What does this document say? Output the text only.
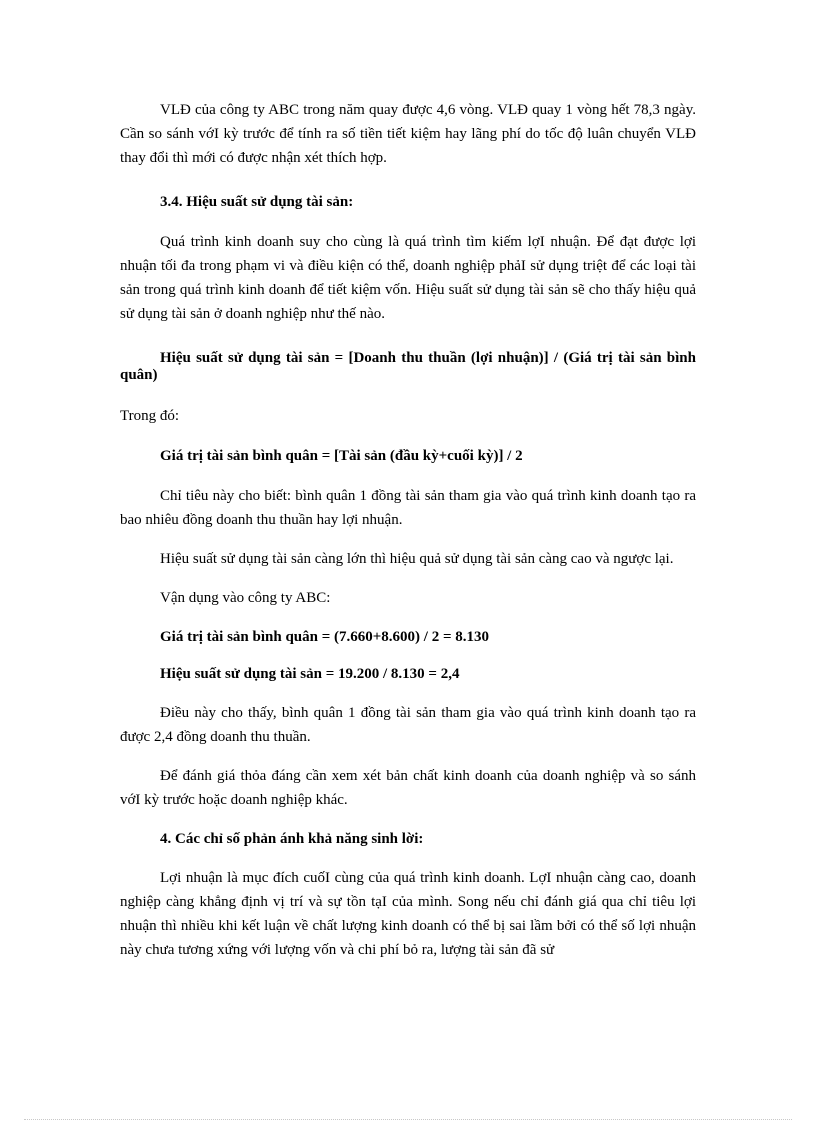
VLĐ của công ty ABC trong năm quay được 4,6 vòng. VLĐ quay 1 vòng hết 78,3 ngày. Cần so sánh vớI kỳ trước để tính ra số tiền tiết kiệm hay lãng phí do tốc độ luân chuyển VLĐ thay đổi thì mới có được nhận xét thích hợp.

3.4. Hiệu suất sử dụng tài sản:

Quá trình kinh doanh suy cho cùng là quá trình tìm kiếm lợI nhuận. Để đạt được lợi nhuận tối đa trong phạm vi và điều kiện có thể, doanh nghiệp phảI sử dụng triệt để các loại tài sản trong quá trình kinh doanh để tiết kiệm vốn. Hiệu suất sử dụng tài sản sẽ cho thấy hiệu quả sử dụng tài sản ở doanh nghiệp như thế nào.

Hiệu suất sử dụng tài sản = [Doanh thu thuần (lợi nhuận)] / (Giá trị tài sản bình quân)

Trong đó:

Giá trị tài sản bình quân = [Tài sản (đầu kỳ+cuối kỳ)] / 2

Chỉ tiêu này cho biết: bình quân 1 đồng tài sản tham gia vào quá trình kinh doanh tạo ra bao nhiêu đồng doanh thu thuần hay lợi nhuận.

Hiệu suất sử dụng tài sản càng lớn thì hiệu quả sử dụng tài sản càng cao và ngược lại.

Vận dụng vào công ty ABC:

Giá trị tài sản bình quân = (7.660+8.600) / 2 = 8.130

Hiệu suất sử dụng tài sản = 19.200 / 8.130 = 2,4

Điều này cho thấy, bình quân 1 đồng tài sản tham gia vào quá trình kinh doanh tạo ra được 2,4 đồng doanh thu thuần.

Để đánh giá thỏa đáng cần xem xét bản chất kinh doanh của doanh nghiệp và so sánh vớI kỳ trước hoặc doanh nghiệp khác.

4. Các chỉ số phản ánh khả năng sinh lời:

Lợi nhuận là mục đích cuốI cùng của quá trình kinh doanh. LợI nhuận càng cao, doanh nghiệp càng khẳng định vị trí và sự tồn tạI của mình. Song nếu chỉ đánh giá qua chỉ tiêu lợi nhuận thì nhiều khi kết luận về chất lượng kinh doanh có thể bị sai lầm bởi có thể số lợi nhuận này chưa tương xứng với lượng vốn và chi phí bỏ ra, lượng tài sản đã sử
